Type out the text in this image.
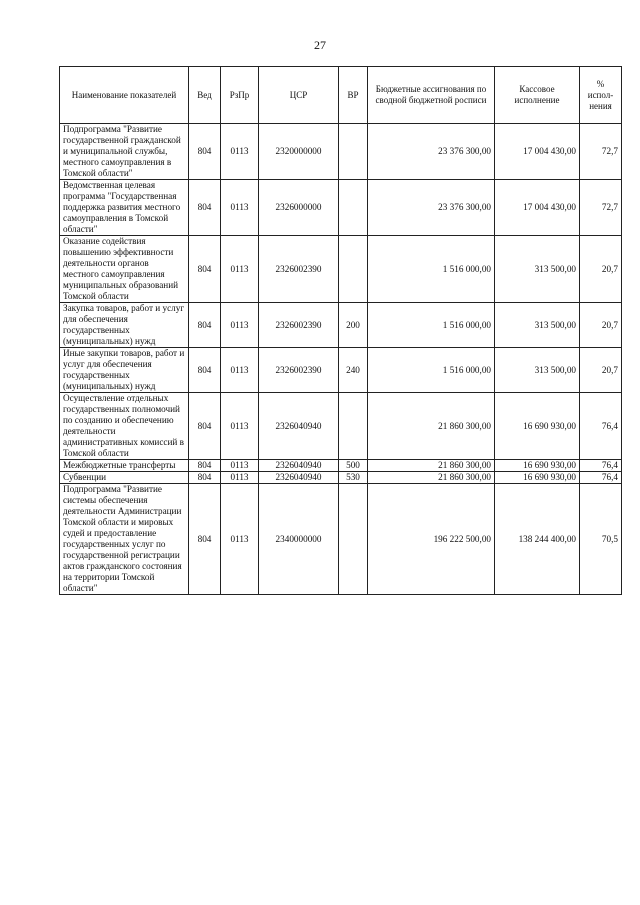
27
Наименование показателей	Вед	РзПр	ЦСР	ВР	Бюджетные ассигнования по сводной бюджетной росписи	Кассовое исполнение	% испол-нения
Подпрограмма "Развитие государственной гражданской и муниципальной службы, местного самоуправления в Томской области"	804	0113	2320000000		23 376 300,00	17 004 430,00	72,7
Ведомственная целевая программа "Государственная поддержка развития местного самоуправления в Томской области"	804	0113	2326000000		23 376 300,00	17 004 430,00	72,7
Оказание содействия повышению эффективности деятельности органов местного самоуправления муниципальных образований Томской области	804	0113	2326002390		1 516 000,00	313 500,00	20,7
Закупка товаров, работ и услуг для обеспечения государственных (муниципальных) нужд	804	0113	2326002390	200	1 516 000,00	313 500,00	20,7
Иные закупки товаров, работ и услуг для обеспечения государственных (муниципальных) нужд	804	0113	2326002390	240	1 516 000,00	313 500,00	20,7
Осуществление отдельных государственных полномочий по созданию и обеспечению деятельности административных комиссий в Томской области	804	0113	2326040940		21 860 300,00	16 690 930,00	76,4
Межбюджетные трансферты	804	0113	2326040940	500	21 860 300,00	16 690 930,00	76,4
Субвенции	804	0113	2326040940	530	21 860 300,00	16 690 930,00	76,4
Подпрограмма "Развитие системы обеспечения деятельности Администрации Томской области и мировых судей и предоставление государственных услуг по государственной регистрации актов гражданского состояния на территории Томской области"	804	0113	2340000000		196 222 500,00	138 244 400,00	70,5
